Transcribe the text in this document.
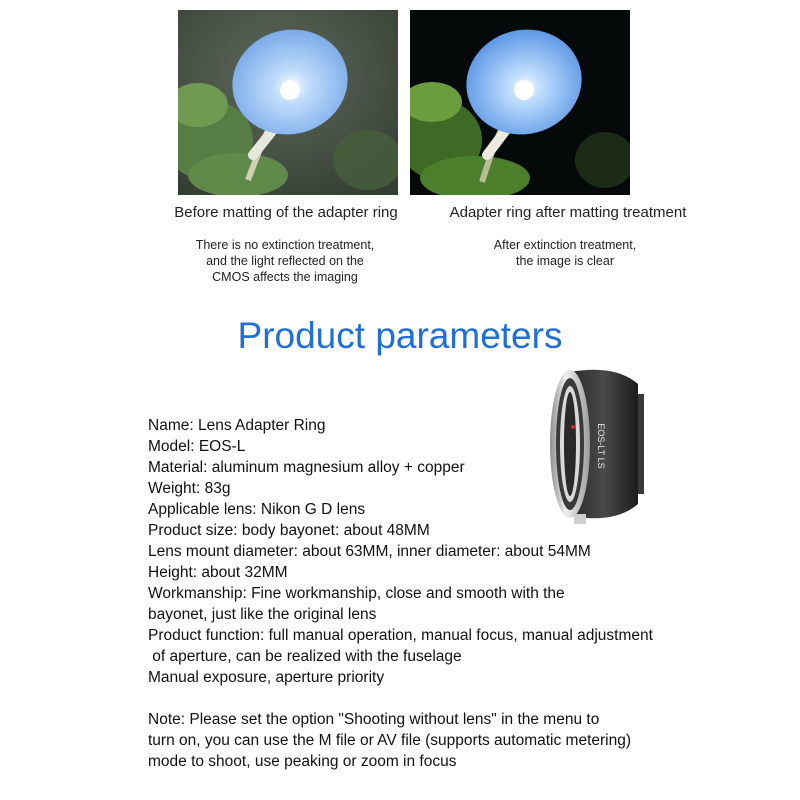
Before matting of the adapter ring	Adapter ring after matting treatment
There is no extinction treatment,
and the light reflected on the
CMOS affects the imaging
After extinction treatment,
the image is clear
Product parameters
EOS-LT LS
Name: Lens Adapter Ring
Model: EOS-L
Material: aluminum magnesium alloy + copper
Weight: 83g
Applicable lens: Nikon G D lens
Product size: body bayonet: about 48MM
Lens mount diameter: about 63MM, inner diameter: about 54MM
Height: about 32MM
Workmanship: Fine workmanship, close and smooth with the
bayonet, just like the original lens
Product function: full manual operation, manual focus, manual adjustment
of aperture, can be realized with the fuselage
Manual exposure, aperture priority
Note: Please set the option "Shooting without lens" in the menu to
turn on, you can use the M file or AV file (supports automatic metering)
mode to shoot, use peaking or zoom in focus
